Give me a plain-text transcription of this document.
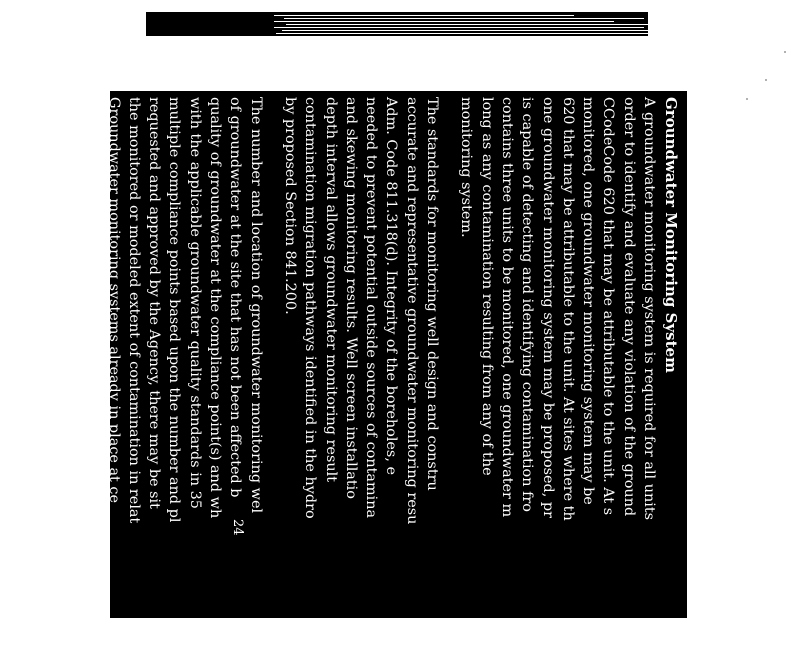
Groundwater Monitoring System
A groundwater monitoring system is required for all units
order to identify and evaluate any violation of the ground
CCodeCode 620 that may be attributable to the unit. At s
monitored, one groundwater monitoring system may be
620 that may be attributable to the unit. At sites where th
one groundwater monitoring system may be proposed, pr
is capable of detecting and identifying contamination fro
contains three units to be monitored, one groundwater m
long as any contamination resulting from any of the
monitoring system.
The standards for monitoring well design and constru
accurate and representative groundwater monitoring resu
Adm. Code 811.318(d). Integrity of the boreholes, e
needed to prevent potential outside sources of contamina
and skewing monitoring results. Well screen installatio
depth interval allows groundwater monitoring result
contamination migration pathways identified in the hydro
by proposed Section 841.200.
The number and location of groundwater monitoring wel
of groundwater at the site that has not been affected b
quality of groundwater at the compliance point(s) and wh
with the applicable groundwater quality standards in 35
multiple compliance points based upon the number and pl
requested and approved by the Agency, there may be sit
the monitored or modeled extent of contamination in relat
Groundwater monitoring systems already in place at ce
requirements of this proposed section, provided all co
included in the existing system. If an existing ground
24
